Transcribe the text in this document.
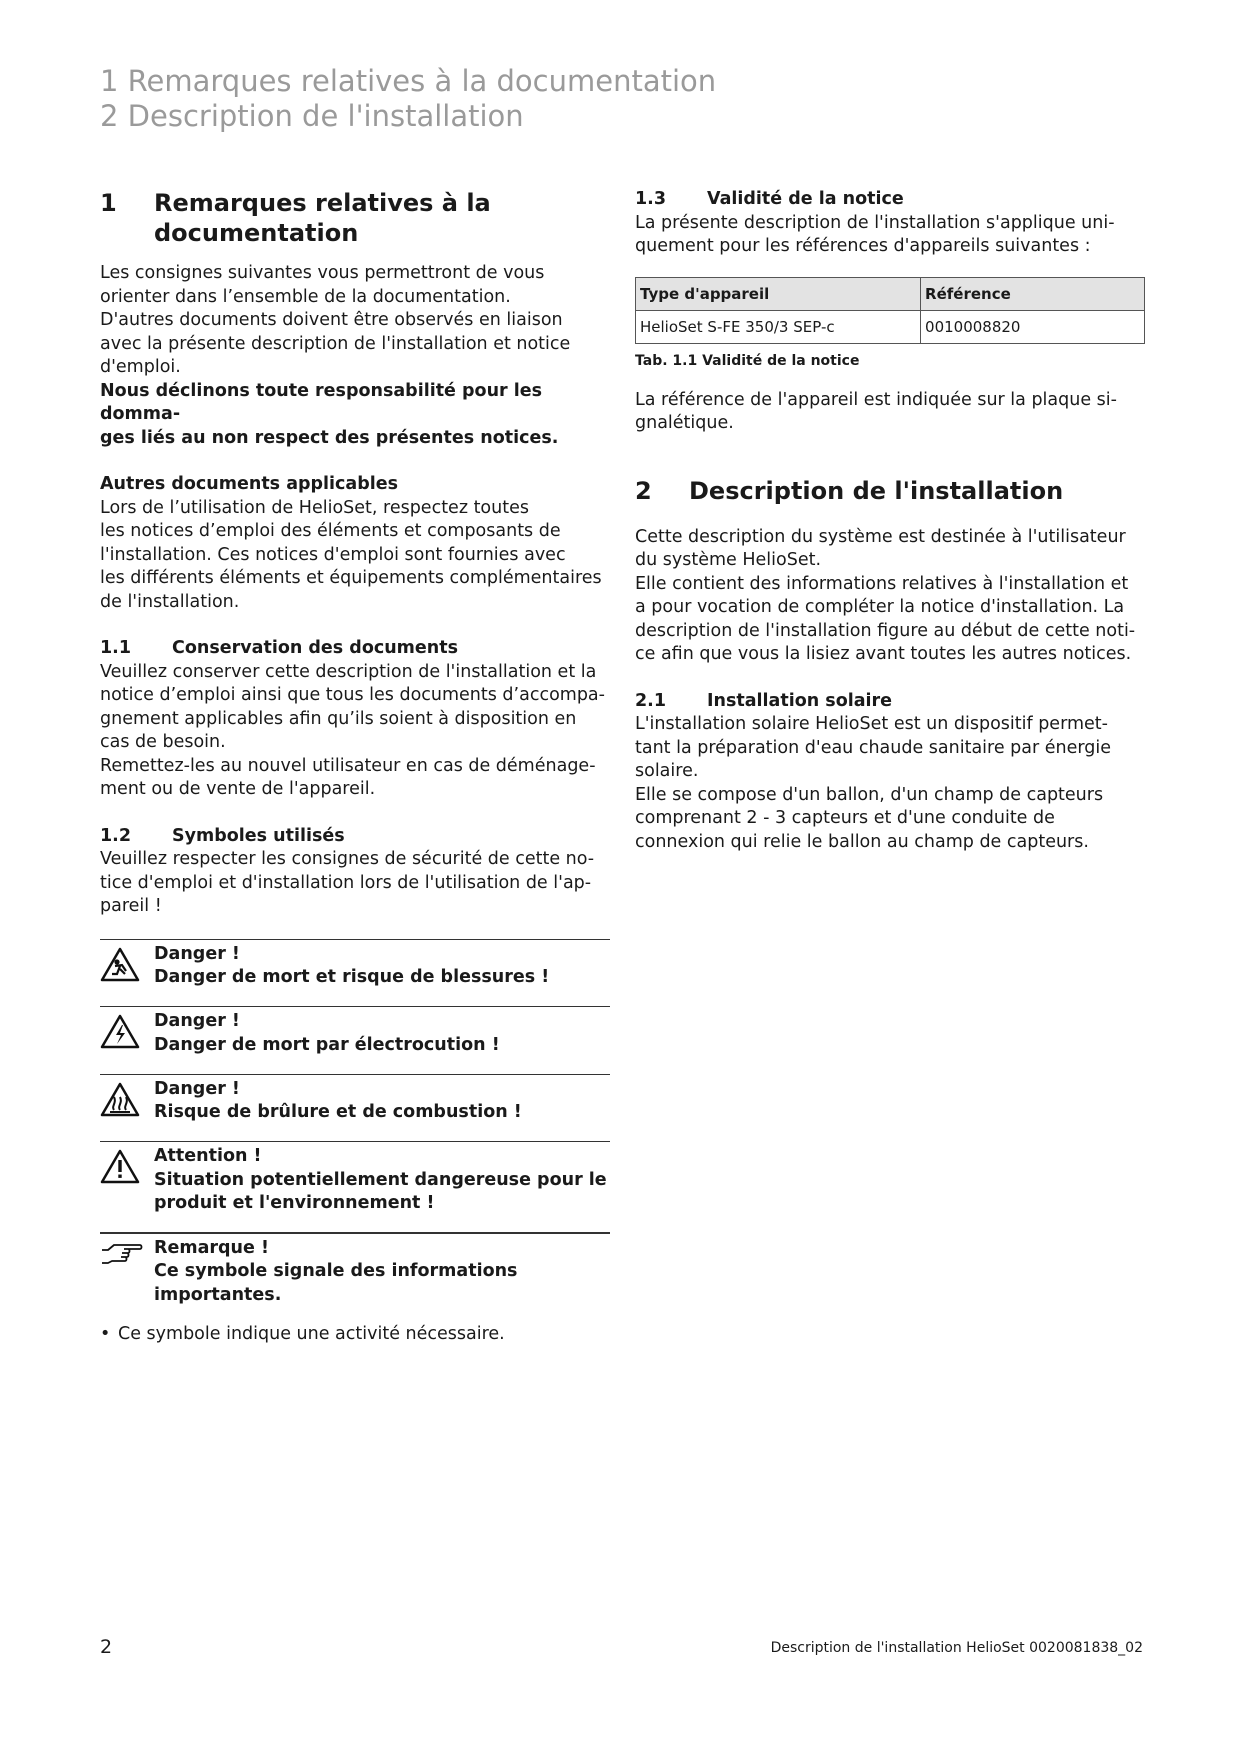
1 Remarques relatives à la documentation
2 Description de l'installation
1	Remarques relatives à la
documentation
Les consignes suivantes vous permettront de vous
orienter dans l’ensemble de la documentation.
D'autres documents doivent être observés en liaison
avec la présente description de l'installation et notice
d'emploi.
Nous déclinons toute responsabilité pour les domma-
ges liés au non respect des présentes notices.
Autres documents applicables
Lors de l’utilisation de HelioSet, respectez toutes
les notices d’emploi des éléments et composants de
l'installation. Ces notices d'emploi sont fournies avec
les différents éléments et équipements complémentaires
de l'installation.
1.1	Conservation des documents
Veuillez conserver cette description de l'installation et la
notice d’emploi ainsi que tous les documents d’accompa-
gnement applicables afin qu’ils soient à disposition en
cas de besoin.
Remettez-les au nouvel utilisateur en cas de déménage-
ment ou de vente de l'appareil.
1.2	Symboles utilisés
Veuillez respecter les consignes de sécurité de cette no-
tice d'emploi et d'installation lors de l'utilisation de l'ap-
pareil !
Danger !
Danger de mort et risque de blessures !
Danger !
Danger de mort par électrocution !
Danger !
Risque de brûlure et de combustion !
Attention !
Situation potentiellement dangereuse pour le
produit et l'environnement !
Remarque !
Ce symbole signale des informations
importantes.
• Ce symbole indique une activité nécessaire.
1.3	Validité de la notice
La présente description de l'installation s'applique uni-
quement pour les références d'appareils suivantes :
Type d'appareil	Référence
HelioSet S-FE 350/3 SEP-c	0010008820
Tab. 1.1 Validité de la notice
La référence de l'appareil est indiquée sur la plaque si-
gnalétique.
2	Description de l'installation
Cette description du système est destinée à l'utilisateur
du système HelioSet.
Elle contient des informations relatives à l'installation et
a pour vocation de compléter la notice d'installation. La
description de l'installation figure au début de cette noti-
ce afin que vous la lisiez avant toutes les autres notices.
2.1	Installation solaire
L'installation solaire HelioSet est un dispositif permet-
tant la préparation d'eau chaude sanitaire par énergie
solaire.
Elle se compose d'un ballon, d'un champ de capteurs
comprenant 2 - 3 capteurs et d'une conduite de
connexion qui relie le ballon au champ de capteurs.
2	Description de l'installation HelioSet 0020081838_02
